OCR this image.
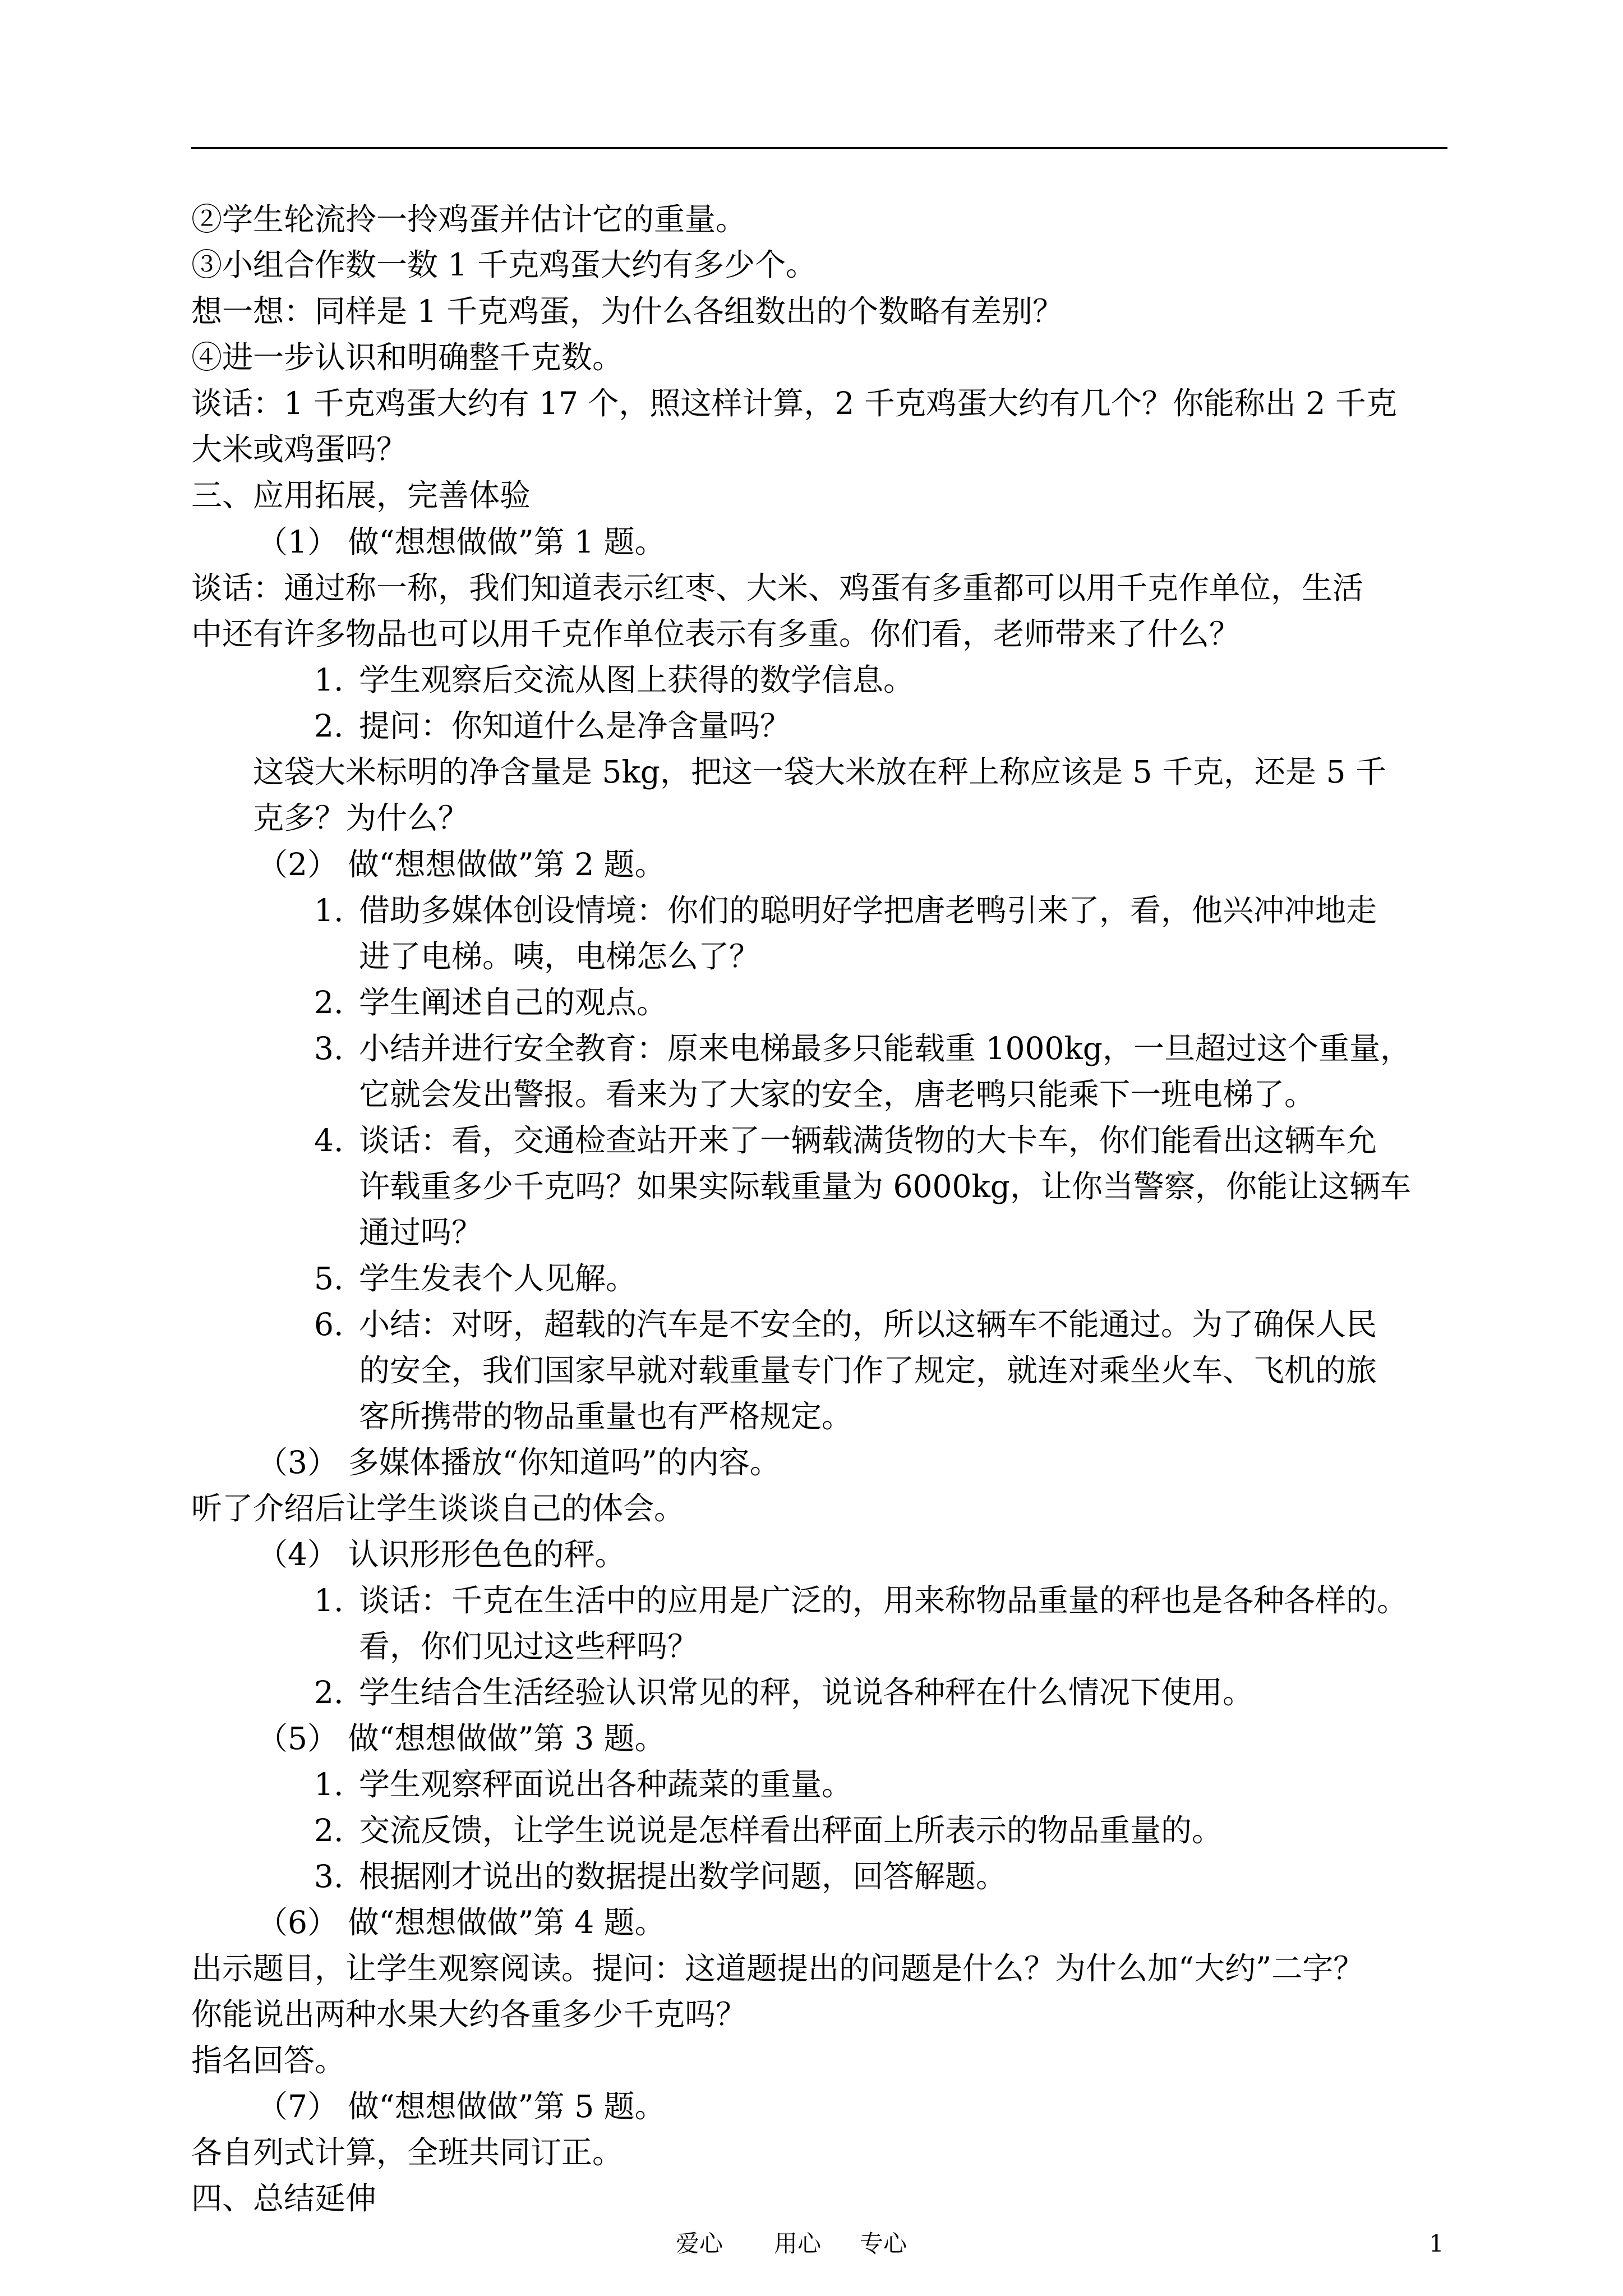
②学生轮流拎一拎鸡蛋并估计它的重量。
③小组合作数一数 1 千克鸡蛋大约有多少个。
想一想：同样是 1 千克鸡蛋，为什么各组数出的个数略有差别？
④进一步认识和明确整千克数。
谈话：1 千克鸡蛋大约有 17 个，照这样计算，2 千克鸡蛋大约有几个？你能称出 2 千克
大米或鸡蛋吗？
三、应用拓展，完善体验
（1） 做“想想做做”第 1 题。
谈话：通过称一称，我们知道表示红枣、大米、鸡蛋有多重都可以用千克作单位，生活
中还有许多物品也可以用千克作单位表示有多重。你们看，老师带来了什么？
1. 学生观察后交流从图上获得的数学信息。
2. 提问：你知道什么是净含量吗？
这袋大米标明的净含量是 5kg，把这一袋大米放在秤上称应该是 5 千克，还是 5 千
克多？为什么？
（2） 做“想想做做”第 2 题。
1. 借助多媒体创设情境：你们的聪明好学把唐老鸭引来了，看，他兴冲冲地走
进了电梯。咦，电梯怎么了？
2. 学生阐述自己的观点。
3. 小结并进行安全教育：原来电梯最多只能载重 1000kg，一旦超过这个重量，
它就会发出警报。看来为了大家的安全，唐老鸭只能乘下一班电梯了。
4. 谈话：看，交通检查站开来了一辆载满货物的大卡车，你们能看出这辆车允
许载重多少千克吗？如果实际载重量为 6000kg，让你当警察，你能让这辆车
通过吗？
5. 学生发表个人见解。
6. 小结：对呀，超载的汽车是不安全的，所以这辆车不能通过。为了确保人民
的安全，我们国家早就对载重量专门作了规定，就连对乘坐火车、飞机的旅
客所携带的物品重量也有严格规定。
（3） 多媒体播放“你知道吗”的内容。
听了介绍后让学生谈谈自己的体会。
（4） 认识形形色色的秤。
1. 谈话：千克在生活中的应用是广泛的，用来称物品重量的秤也是各种各样的。
看，你们见过这些秤吗？
2. 学生结合生活经验认识常见的秤，说说各种秤在什么情况下使用。
（5） 做“想想做做”第 3 题。
1. 学生观察秤面说出各种蔬菜的重量。
2. 交流反馈，让学生说说是怎样看出秤面上所表示的物品重量的。
3. 根据刚才说出的数据提出数学问题，回答解题。
（6） 做“想想做做”第 4 题。
出示题目，让学生观察阅读。提问：这道题提出的问题是什么？为什么加“大约”二字？
你能说出两种水果大约各重多少千克吗？
指名回答。
（7） 做“想想做做”第 5 题。
各自列式计算，全班共同订正。
四、总结延伸
爱心 用心 专心	1
